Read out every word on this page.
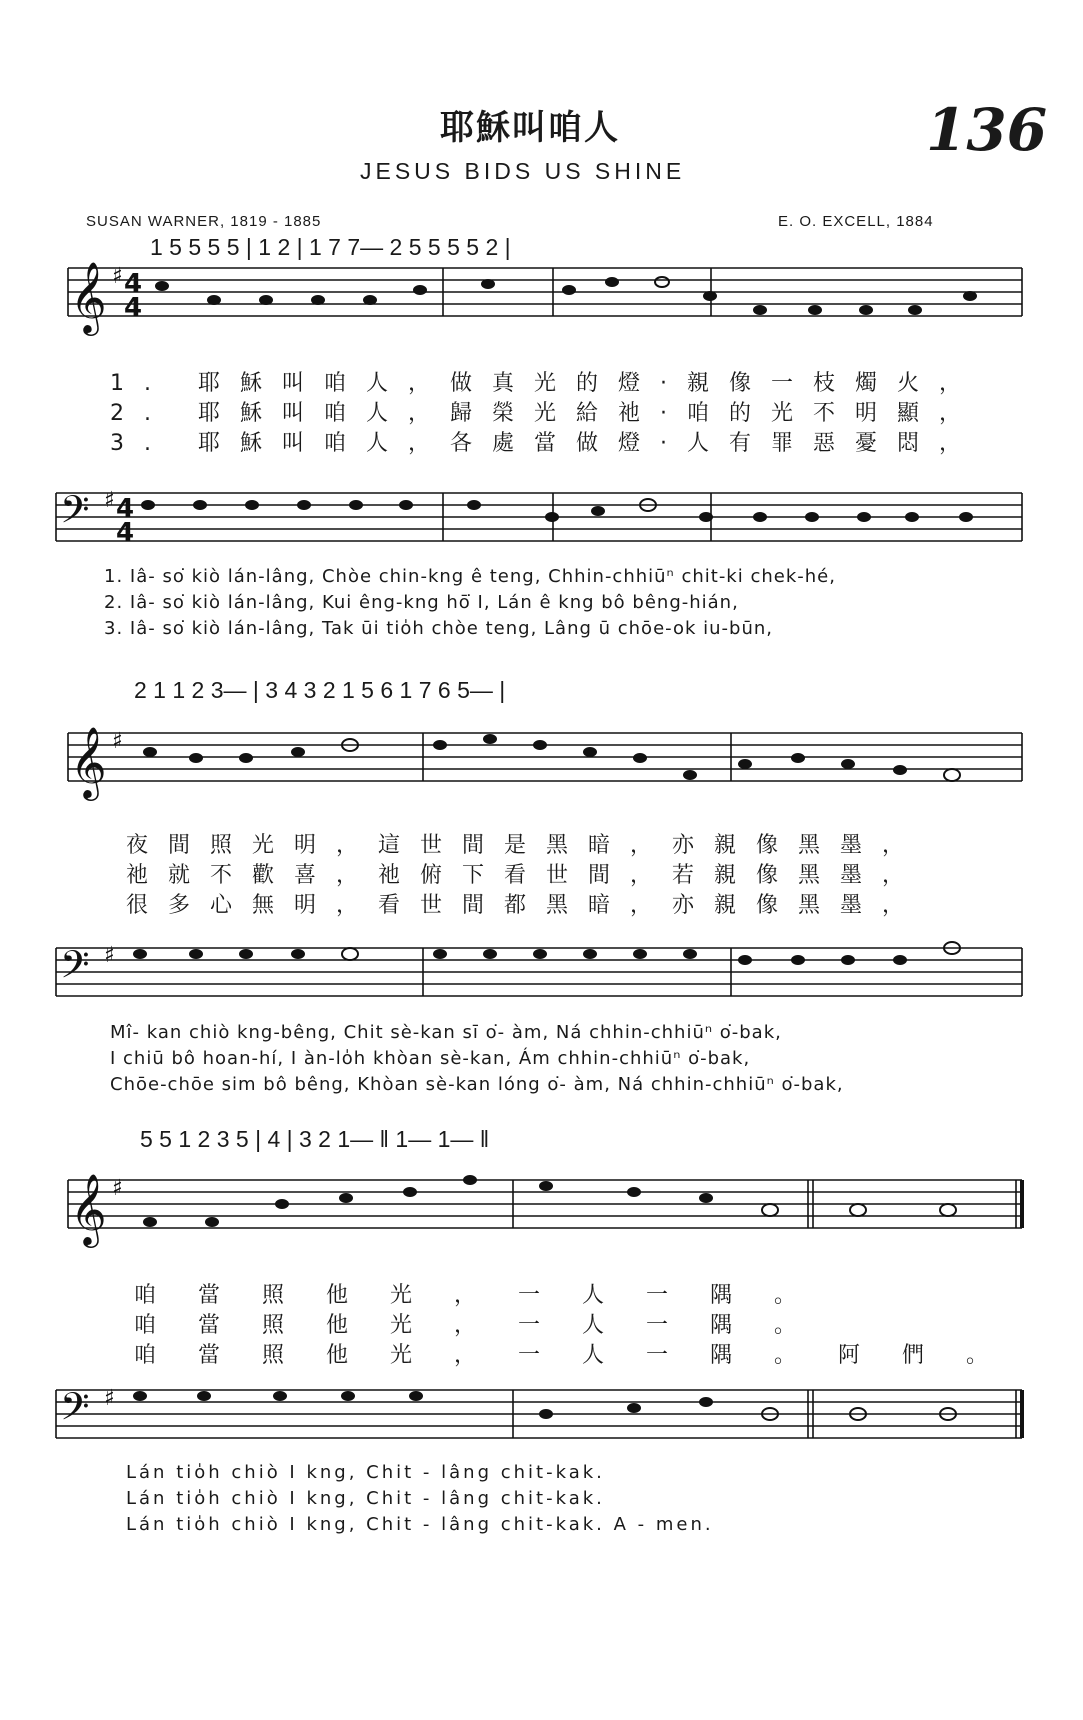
耶穌叫咱人
JESUS BIDS US SHINE
136
SUSAN WARNER, 1819 - 1885	E. O. EXCELL, 1884
𝄞
𝄢
𝄞
𝄢
𝄞
𝄢
♯
♯
♯
♯
♯
♯
4
4
4
4
1 5 5 5 5 | 1 2 | 1 7 7— 2 5 5 5 5 2 |
1. 耶穌叫咱人，做真光的燈·親像一枝燭火，
2. 耶穌叫咱人，歸榮光給祂·咱的光不明顯，
3. 耶穌叫咱人，各處當做燈·人有罪惡憂悶，
1. Iâ- so͘ kiò lán-lâng, Chòe chin-kng ê teng, Chhin-chhiūⁿ chit-ki chek-hé,
2. Iâ- so͘ kiò lán-lâng, Kui êng-kng hō͘ I, Lán ê kng bô bêng-hián,
3. Iâ- so͘ kiò lán-lâng, Tak ūi tio̍h chòe teng, Lâng ū chōe-ok iu-būn,
2 1 1 2 3— | 3 4 3 2 1 5 6 1 7 6 5— |
夜間照光明，這世間是黑暗，亦親像黑墨，
祂就不歡喜，祂俯下看世間，若親像黑墨，
很多心無明，看世間都黑暗，亦親像黑墨，
Mî- kan chiò kng-bêng, Chit sè-kan sī o͘- àm, Ná chhin-chhiūⁿ o͘-bak,
I chiū bô hoan-hí, I àn-lo̍h khòan sè-kan, Ám chhin-chhiūⁿ o͘-bak,
Chōe-chōe sim bô bêng, Khòan sè-kan lóng o͘- àm, Ná chhin-chhiūⁿ o͘-bak,
5 5 1 2 3 5 | 4 | 3 2 1— ‖ 1— 1— ‖
咱當照他光，一人一隅。
咱當照他光，一人一隅。
咱當照他光，一人一隅。阿們。
Lán tio̍h chiò I kng, Chit - lâng chit-kak.
Lán tio̍h chiò I kng, Chit - lâng chit-kak.
Lán tio̍h chiò I kng, Chit - lâng chit-kak. A - men.
